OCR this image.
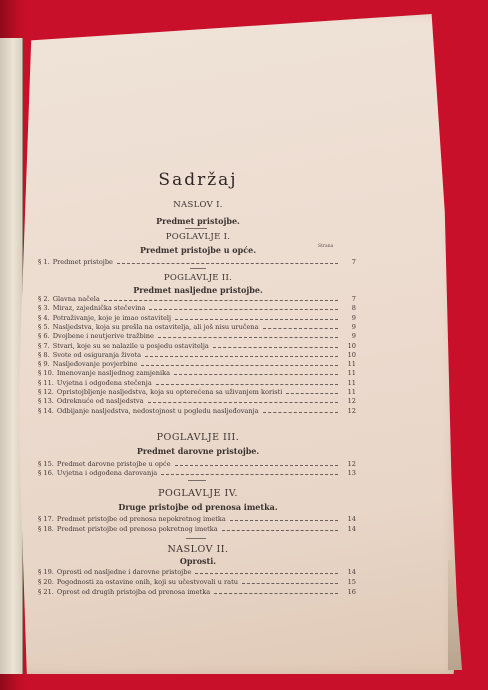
Sadržaj
NASLOV I.
Predmet pristojbe.
POGLAVLJE I.
Predmet pristojbe u opće.	Strana
§ 1. Predmet pristojbe	7
POGLAVLJE II.
Predmet nasljedne pristojbe.
§ 2. Glavna načela	7
§ 3. Miraz, zajednička stečevina	8
§ 4. Potraživanje, koje je imao ostavitelj	9
§ 5. Nasljedstva, koja su prešla na ostavitelja, ali još nisu uručena	9
§ 6. Dvojbene i neutjerive tražbine	9
§ 7. Stvari, koje su se nalazile u posjedu ostavitelja	10
§ 8. Svote od osiguranja života	10
§ 9. Nasljeđovanje povjerbine	11
§ 10. Imenovanje nasljednog zamjenika	11
§ 11. Uvjetna i odgođena stečenja	11
§ 12. Opristojbljenje nasljedstva, koja su opterećena sa uživanjem koristi	11
§ 13. Odreknuće od nasljedstva	12
§ 14. Odbijanje nasljedstva, nedostojnost u pogledu nasljeđovanja	12
POGLAVLJE III.
Predmet darovne pristojbe.
§ 15. Predmet darovne pristojbe u opće	12
§ 16. Uvjetna i odgođena darovanja	13
POGLAVLJE IV.
Druge pristojbe od prenosa imetka.
§ 17. Predmet pristojbe od prenosa nepokretnog imetka	14
§ 18. Predmet pristojbe od prenosa pokretnog imetka	14
NASLOV II.
Oprosti.
§ 19. Oprosti od nasljedne i darovne pristojbe	14
§ 20. Pogodnosti za ostavine onih, koji su učestvovali u ratu	15
§ 21. Oprost od drugih pristojba od prenosa imetka	16
